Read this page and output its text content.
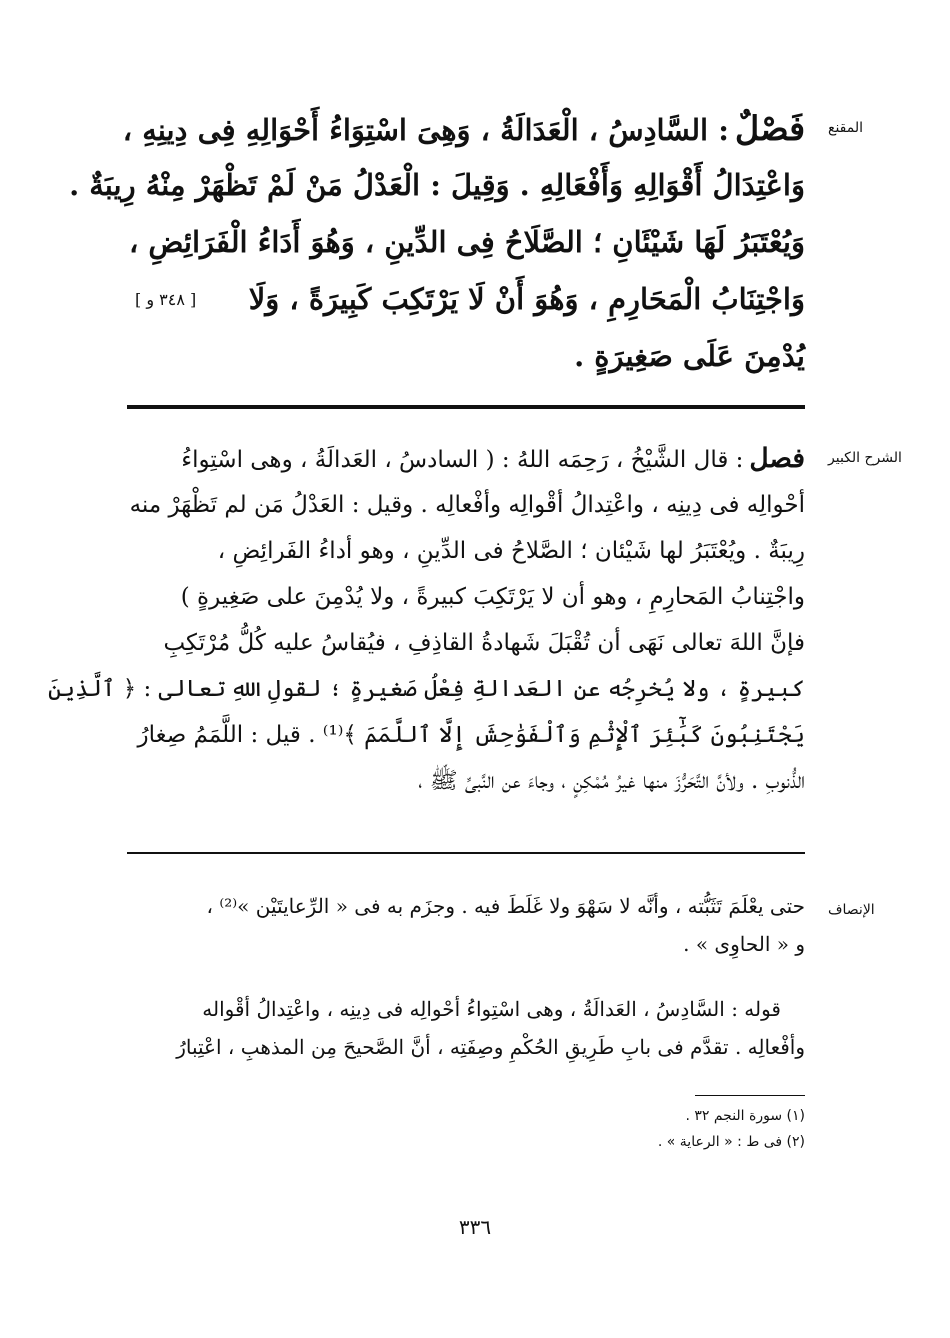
المقنع
فَصْلٌ: السَّادِسُ ، الْعَدَالَةُ ، وَهِىَ اسْتِوَاءُ أَحْوَالِهِ فِى دِينِهِ ،
وَاعْتِدَالُ أَقْوَالِهِ وَأَفْعَالِهِ . وَقِيلَ : الْعَدْلُ مَنْ لَمْ تَظْهَرْ مِنْهُ رِيبَةٌ .
وَيُعْتَبَرُ لَهَا شَيْئَانِ ؛ الصَّلَاحُ فِى الدِّينِ ، وَهُوَ أَدَاءُ الْفَرَائِضِ ،
وَاجْتِنَابُ الْمَحَارِمِ ، وَهُوَ أَنْ لَا يَرْتَكِبَ كَبِيرَةً ، وَلَا
[ ٣٤٨ و ]
يُدْمِنَ عَلَى صَغِيرَةٍ .
الشرح الكبير
فصل: قال الشَّيْخُ ، رَحِمَه اللهُ : ( السادسُ ، العَدالَةُ ، وهى اسْتِواءُ
أحْوالِه فى دِينِه ، واعْتِدالُ أقْوالِه وأفْعالِه . وقيل : العَدْلُ مَن لم تَظْهَرْ منه
رِيبَةٌ . ويُعْتَبَرُ لها شَيْئان ؛ الصَّلاحُ فى الدِّينِ ، وهو أداءُ الفَرائِضِ ،
واجْتِنابُ المَحارِمِ ، وهو أن لا يَرْتَكِبَ كبيرةً ، ولا يُدْمِنَ على صَغِيرةٍ )
فإنَّ اللهَ تعالى نَهَى أن تُقْبَلَ شَهادةُ القاذِفِ ، فيُقاسُ عليه كُلُّ مُرْتَكِبِ
كبيرةٍ ، ولا يُخرِجُه عن العَدالةِ فِعْلُ صَغيرةٍ ؛ لقولِ اللهِ تعالى : ﴿ ٱلَّذِينَ
يَجْتَنِبُونَ كَبَٰٓئِرَ ٱلْإِثْمِ وَٱلْفَوَٰحِشَ إِلَّا ٱللَّمَمَ ﴾⁽¹⁾ . قيل : اللَّمَمُ صِغارُ
الذُّنوبِ . ولأنَّ التَّحَرُّزَ منها غيرُ مُمْكِنٍ ، وجاءَ عن النَّبىِّ ﷺ ،
الإنصاف
حتى يعْلَمَ تَثَبُّته ، وأنَّه لا سَهْوَ ولا غَلَطَ فيه . وجزَم به فى « الرِّعايتَيْن »⁽²⁾ ،
و « الحاوِى » .
قوله : السَّادِسُ ، العَدالَةُ ، وهى اسْتِواءُ أحْوالِه فى دِينِه ، واعْتِدالُ أقْواله
وأفْعالِه . تقدَّم فى بابِ طَرِيقِ الحُكْمِ وصِفَتِه ، أنَّ الصَّحيحَ مِن المذهبِ ، اعْتِبارُ
(١) سورة النجم ٣٢ .
(٢) فى ط : « الرعاية » .
٣٣٦
